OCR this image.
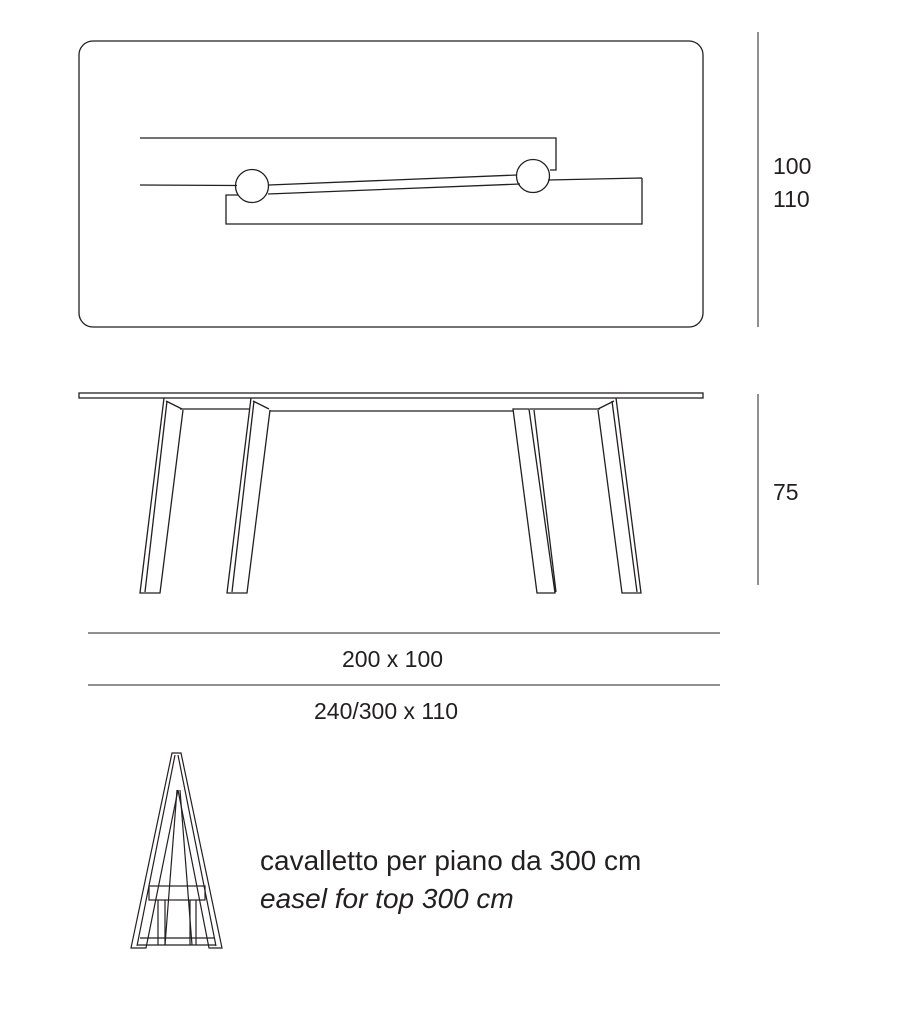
100
110
75
200 x 100
240/300 x 110
cavalletto per piano da 300 cm
easel for top 300 cm
